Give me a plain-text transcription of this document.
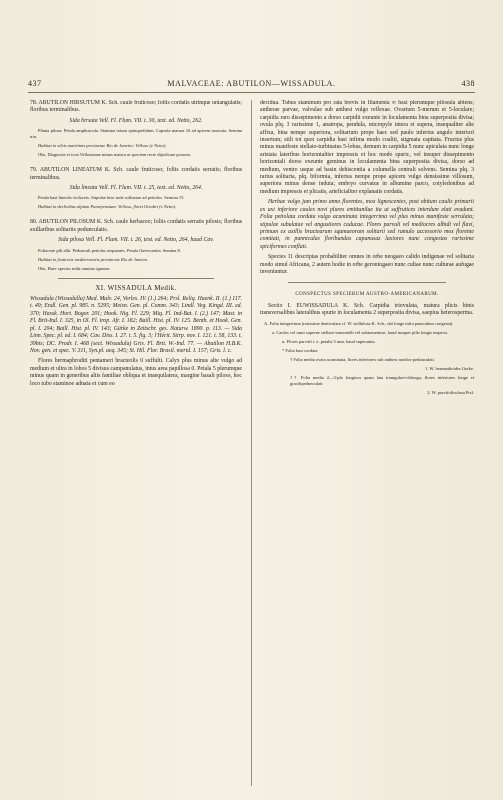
437	MALVACEAE: ABUTILON—WISSADULA.	438

78. ABUTILON HIRSUTUM K. Sch. caule fruticoso; foliis cordatis utrinque uniangulatis; floribus terminalibus.

Sida hirsuta Vell. Fl. Flum. VII. t. 30, text. ed. Netto, 262.

Planta pilosa. Petala ampliuscula. Stamina totum quinquefidum. Capsula matura 16 ad apicem truncata. Semina tria.

Habitat in silvis maritimis provinciae Rio de Janeiro: Velloso (e Netto).

Obs. Diagnosis et icon Vellozianae minus manca ut speciem recte dijudicare possem.

79. ABUTILON LINEATUM K. Sch. caule fruticoso; foliis cordatis serratis; floribus terminalibus.

Sida lineata Vell. Fl. Flum. VII. t. 25, text. ed. Netto, 264.

Petala basi lineolis violaceis. Stipulae hinc inde solitariae ad petiolos. Semina 15.

Habitat in declivibus alpium Paratyensium: Velloso, floret Octobri (e Netto).

80. ABUTILON PILOSUM K. Sch. caule herbaceo; foliis cordatis serratis pilosis; floribus axillaribus solitariis pedunculatis.

Sida pilosa Vell. Fl. Flum. VII. t. 26, text. ed. Netto, 264, haud Cav.

Foliaceae pili albi. Pedunculi petiolos aequantes. Petala flavescentia. Semina 8.

Habitat in fruticetis mediterraneis provinciae Rio de Janeiro.

Obs. Haec species mihi omnino ignotae.

XI. WISSADULA Medik.

Wissadula (Wissadulla) Med. Malv. 24, Vorles. IV. (1.) 264; Prsl. Reliq. Haenk. II. (1.) 117. t. 49; Endl. Gen. pl. 985. n. 5295; Meisn. Gen. pl. Comm. 343; Lindl. Veg. Kingd. III. ed. 370; Hassk. Hort. Bogor. 201; Hook. Nig. Fl. 229; Miq. Fl. Ind-Bat. I. (2.) 147; Mast. in Fl. Brit-Ind. I. 325, in Ol. Fl. trop. Afr. I. 182; Baill. Hist. pl. IV. 125. Benth. et Hook. Gen. pl. I. 204; Baill. Hist. pl. IV. 143; Gürke in Zeitschr. ges. Naturw. 1890. p. 113. — Sida Linn. Spec. pl. ed. I. 684; Cav. Diss. I. 27. t. 5. fig. 3; l'Hérit. Stirp. nov. I. 121. t. 58, 133. t. 39bis; DC. Prodr. I. 468 (sect. Wissadula) Gris. Fl. Brit. W.-Ind. 77. — Abutilon H.B.K. Nov. gen. et spec. V. 311, Syn.pl. aeq. 345; St. Hil. Flor. Brasil. merid. I. 157; Gris. l. c.

Flores hermaphroditi pentameri bracteolis 0 suffulti. Calyx plus minus alte vulgo ad medium et ultra in lobos 5 divisus campanulatus, intus area papillosa 0. Petala 5 plerumque minus quam in generibus aliis familiae obliqua et inaequilatera, margine basali piloso, hoc loco tubo staminoe adnata et cum eo

decidua. Tubus staminum pro rata brevis in filamenta ∞ basi plerumque pilosula abiens; antherae parvae, valvulae sub anthesi vulgo reflexae. Ovarium 5-merum et 5-loculare; carpidia raro dissepimento a dorso carpidii exeunte in loculamenta bina superposita divisa; ovula plq. 3 rarissime 1, anatropa, pendula, micropyle intera et supera, insequaliter alte affixa, bina nempe superiora, solitarium prope haec sed paulo inferius angulo interiori insertum; stili tot quot carpidia basi infima modo coaliti, stigmata capitata. Fructus plus minus manifeste stellato-turbinatus 5-lobus, demum in carpidia 5 nunc apiculata nunc longe aristata lateribus horizontaliter impressis et hoc modo spuric, vel insuper dissepimento horizontali dorso exeunte geminus in loculamenta bina superposita divisa, dorso ad medium, ventre usque ad basin dehiscentia a columella centrali solvens. Semina plq. 3 rarius solitaria, plq. biformia, inferius nempe prope apicem vulgo densissime villosum, superiora minus dense induta; embryo curvatus in albumine parco, cotyledonibus ad medium impressis et plicatis, arteficialiter explanatis cordatis.

Herbae vulgo jam primo anno florentes, mox lignescentes, post obitum caulis primarii ex axi inferiore caules novi plures emittunilae ita ut suffrutices interdum elati evadunt. Folia petiolata cordata vulgo acuminata integerrima vel plus minus manifeste serrulata; stipulae subulatae vel angustiores caducae. Flores parvuli vel mediocres albidi vel flavi, primum ex axillis bractearum sqamaeorum solitarii sed ramulo accessorio mox florente comitati, in panniculas floribundas capanusaz laxiores nunc congestas rarissime spiciformes conflati.

Species 11 descriptas probabiliter omnes in orbe neogaeo calido indigenae vel solitaria modo simul Africana, 2 autem hodie in orbe gerontogaeo nunc cultae nunc culturae aufugae inveniuntur.

CONSPECTUS SPECIERUM AUSTRO-AMERICANARUM.

Sectio I. EUWISSADULA K. Sch. Carpidia triovulata, matura plicis binis transversalibus lateralibus spurie in loculamenta 2 superposita divisa, saepius heterosperma.

A. Folia integerrima (rarissime denticulata cf. W. stellulosa K. Sch., ubi longe infra paniculum congesta).

a. Caulos vel rami superne stellato-tomentelli vel subtomentosi, haud insuper pilis longis inspersi.

α. Flores parvuli i. e. petalis 5 mm. haud superantia.

* Folia basi cordata.

† Folia media ovata acuminata, flores inferiores sub anthesi modice pedunculati

1. W. hernandioides Gerke.

†† Folia media 2—3-plo longiora quam lata triangulari-oblonga, flores inferiores longe et gracilipedunculati

2. W. parvifoliculosa Prsl.
